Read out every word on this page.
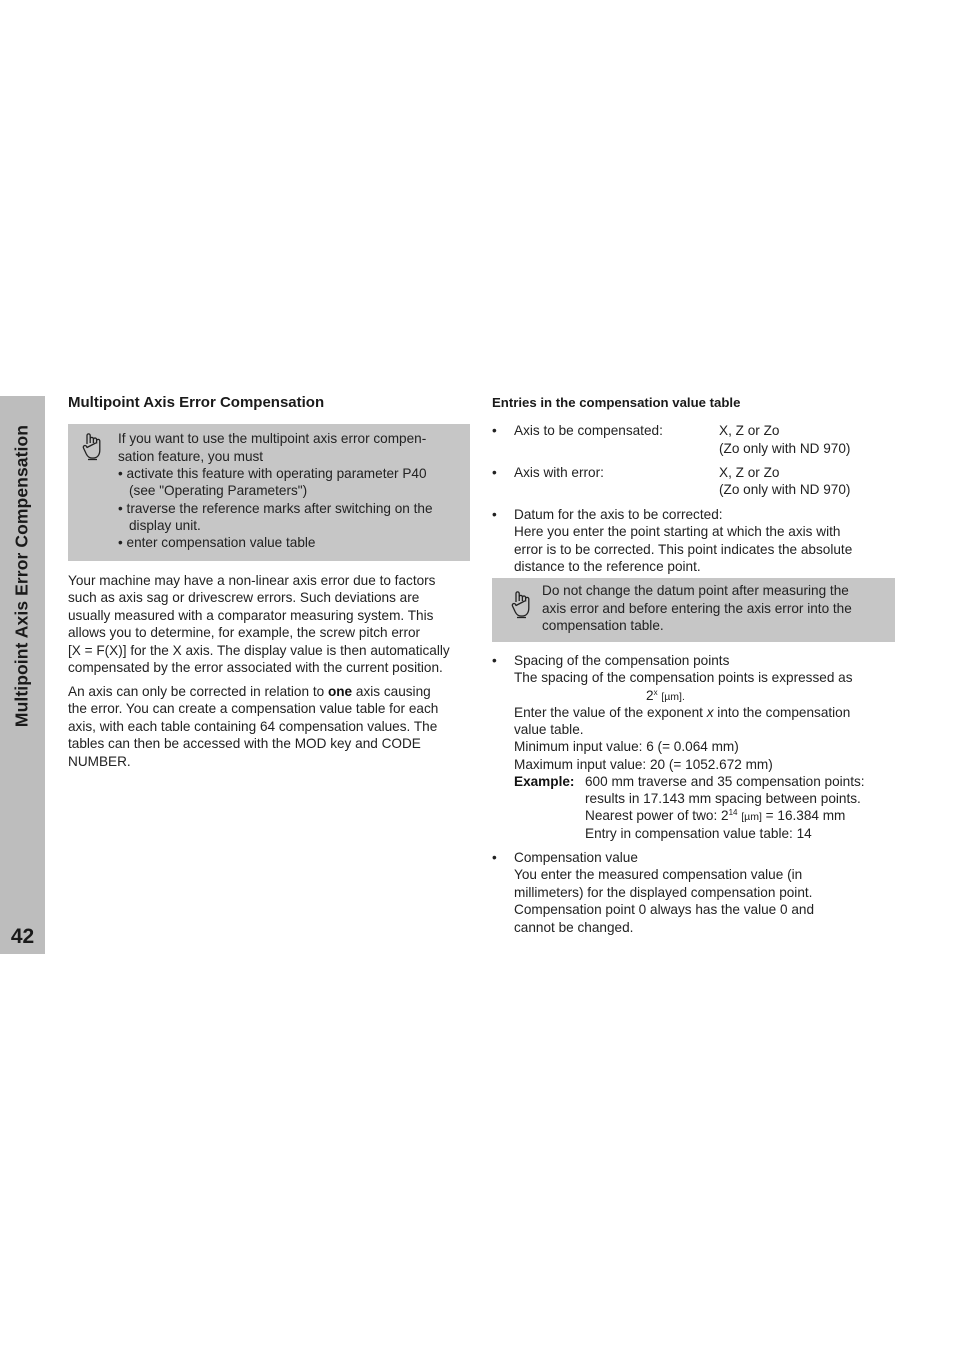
Multipoint Axis Error Compensation
42
Multipoint Axis Error Compensation
If you want to use the multipoint axis error compen-
sation feature, you must
• activate this feature with operating parameter P40
(see "Operating Parameters")
• traverse the reference marks after switching on the
display unit.
• enter compensation value table
Your machine may have a non-linear axis error due to factors
such as axis sag or drivescrew errors. Such deviations are
usually measured with a comparator measuring system. This
allows you to determine, for example, the screw pitch error
[X = F(X)] for the X axis. The display value is then automatically
compensated by the error associated with the current position.
An axis can only be corrected in relation to one axis causing
the error. You can create a compensation value table for each
axis, with each table containing 64 compensation values. The
tables can then be accessed with the MOD key and CODE
NUMBER.
Entries in the compensation value table
• Axis to be compensated:	X, Z or Zo
(Zo only with ND 970)
• Axis with error:	X, Z or Zo
(Zo only with ND 970)
• Datum for the axis to be corrected:
Here you enter the point starting at which the axis with
error is to be corrected. This point indicates the absolute
distance to the reference point.
Do not change the datum point after measuring the
axis error and before entering the axis error into the
compensation table.
• Spacing of the compensation points
The spacing of the compensation points is expressed as
2$^x$ [µm].
Enter the value of the exponent x into the compensation
value table.
Minimum input value: 6 (= 0.064 mm)
Maximum input value: 20 (= 1052.672 mm)
Example: 600 mm traverse and 35 compensation points:
results in 17.143 mm spacing between points.
Nearest power of two: $2^{14}$ [µm] = 16.384 mm
Entry in compensation value table: 14
• Compensation value
You enter the measured compensation value (in
millimeters) for the displayed compensation point.
Compensation point 0 always has the value 0 and
cannot be changed.
